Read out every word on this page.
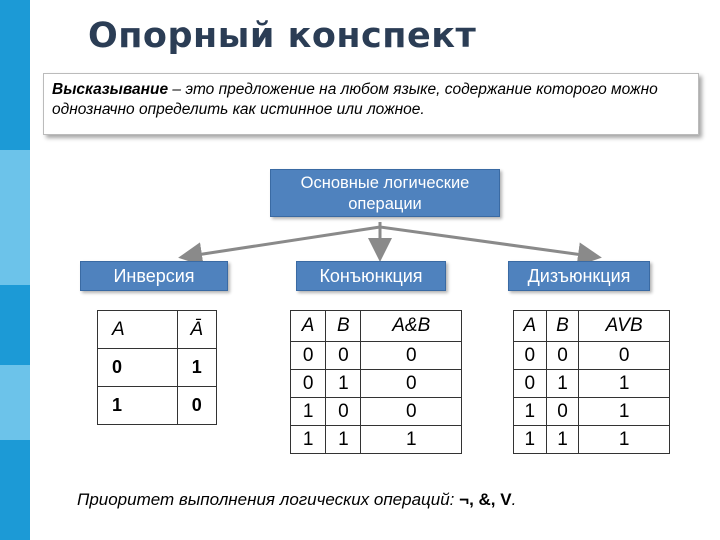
Опорный конспект
Высказывание – это предложение на любом языке, содержание которого можно однозначно определить как истинное или ложное.
Основные логические операции
Инверсия	Конъюнкция	Дизъюнкция
A	Ā
0	1
1	0
A	B	A&B
0	0	0
0	1	0
1	0	0
1	1	1
A	B	AVB
0	0	0
0	1	1
1	0	1
1	1	1
Приоритет выполнения логических операций: ¬, &, V.
